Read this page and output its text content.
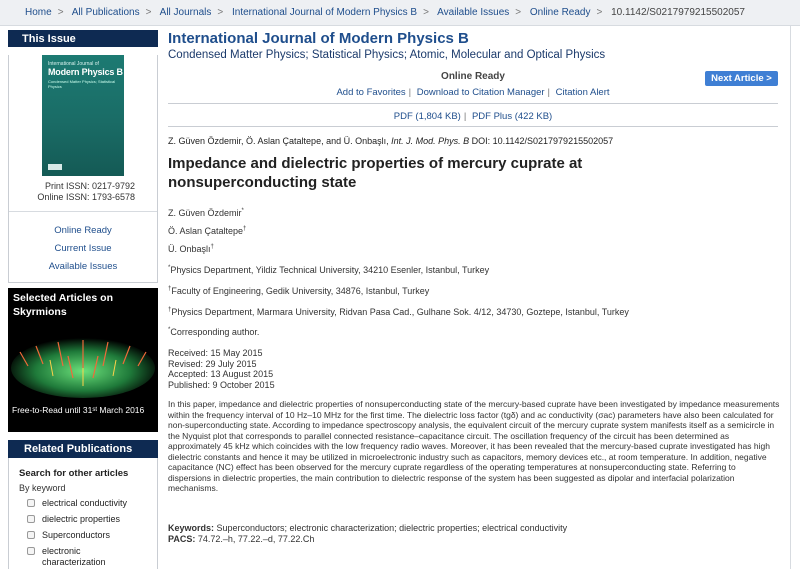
Home > All Publications > All Journals > International Journal of Modern Physics B > Available Issues > Online Ready > 10.1142/S0217979215502057
This Issue
International Journal of
Modern Physics B
Condensed Matter Physics; Statistical Physics
Print ISSN: 0217-9792
Online ISSN: 1793-6578
Online Ready
Current Issue
Available Issues
Selected Articles on Skyrmions
Free-to-Read until 31st March 2016
Related Publications
Search for other articles
By keyword
electrical conductivity
dielectric properties
Superconductors
electronic characterization
International Journal of Modern Physics B
Condensed Matter Physics; Statistical Physics; Atomic, Molecular and Optical Physics
Online Ready	Next Article >
Add to Favorites | Download to Citation Manager | Citation Alert
PDF (1,804 KB) | PDF Plus (422 KB)
Z. Güven Özdemir, Ö. Aslan Çataltepe, and Ü. Onbaşlı, Int. J. Mod. Phys. B DOI: 10.1142/S0217979215502057
Impedance and dielectric properties of mercury cuprate at nonsuperconducting state
Z. Güven Özdemir*
Ö. Aslan Çataltepe†
Ü. Onbaşlı†
*Physics Department, Yildiz Technical University, 34210 Esenler, Istanbul, Turkey
†Faculty of Engineering, Gedik University, 34876, Istanbul, Turkey
†Physics Department, Marmara University, Ridvan Pasa Cad., Gulhane Sok. 4/12, 34730, Goztepe, Istanbul, Turkey
*Corresponding author.
Received: 15 May 2015
Revised: 29 July 2015
Accepted: 13 August 2015
Published: 9 October 2015
In this paper, impedance and dielectric properties of nonsuperconducting state of the mercury-based cuprate have been investigated by impedance measurements within the frequency interval of 10 Hz–10 MHz for the first time. The dielectric loss factor (tgδ) and ac conductivity (σac) parameters have also been calculated for non-superconducting state. According to impedance spectroscopy analysis, the equivalent circuit of the mercury cuprate system manifests itself as a semicircle in the Nyquist plot that corresponds to parallel connected resistance–capacitance circuit. The oscillation frequency of the circuit has been determined as approximately 45 kHz which coincides with the low frequency radio waves. Moreover, it has been revealed that the mercury-based cuprate investigated has high dielectric constants and hence it may be utilized in microelectronic industry such as capacitors, memory devices etc., at room temperature. In addition, negative capacitance (NC) effect has been observed for the mercury cuprate regardless of the operating temperatures at nonsuperconducting state. Referring to dispersions in dielectric properties, the main contribution to dielectric response of the system has been suggested as dipolar and interfacial polarization mechanisms.
Keywords: Superconductors; electronic characterization; dielectric properties; electrical conductivity
PACS: 74.72.–h, 77.22.–d, 77.22.Ch
